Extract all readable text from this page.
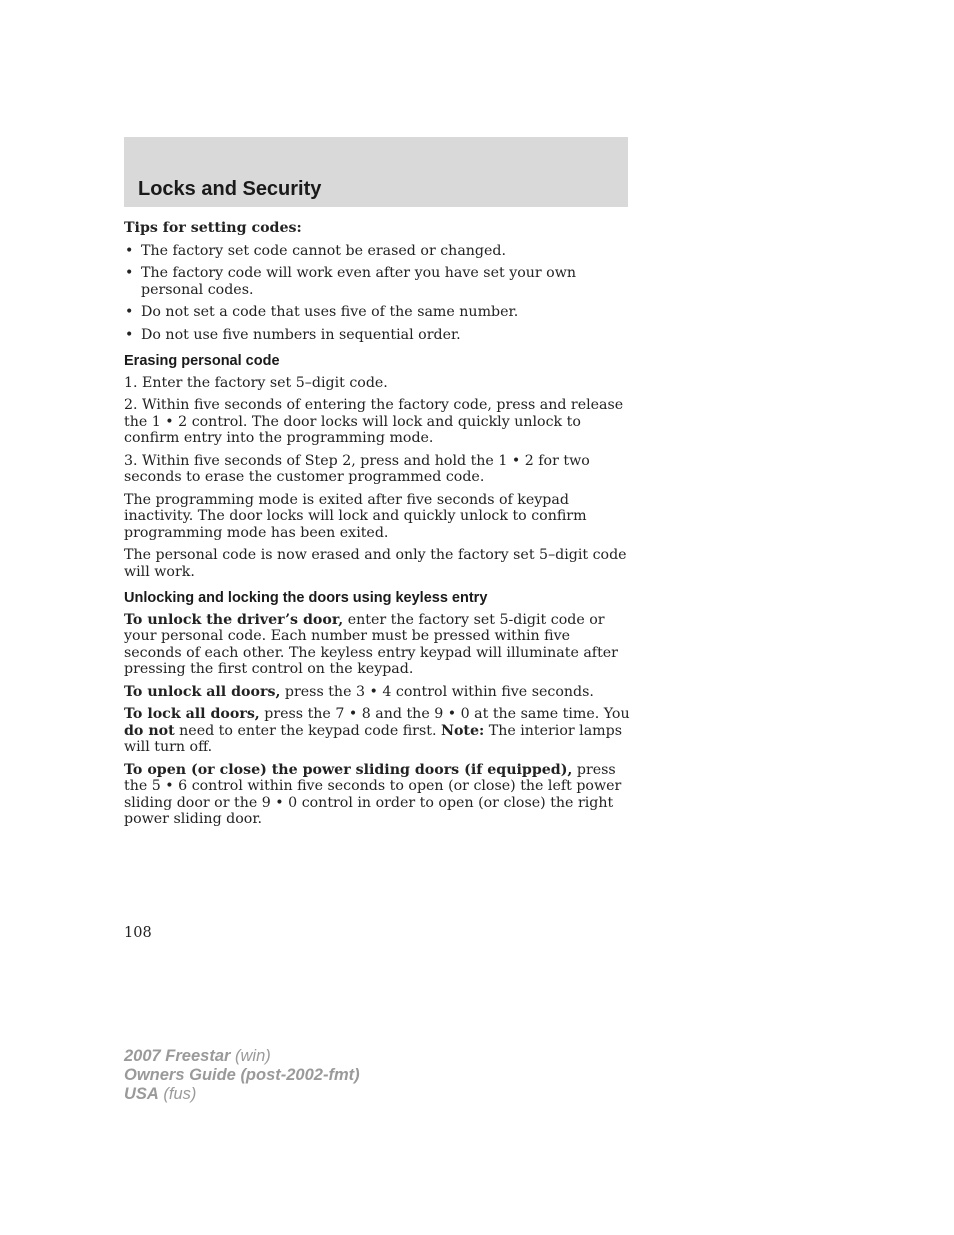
Locks and Security

Tips for setting codes:

• The factory set code cannot be erased or changed.
• The factory code will work even after you have set your own personal codes.
• Do not set a code that uses five of the same number.
• Do not use five numbers in sequential order.
Erasing personal code

1. Enter the factory set 5–digit code.

2. Within five seconds of entering the factory code, press and release the 1 • 2 control. The door locks will lock and quickly unlock to confirm entry into the programming mode.

3. Within five seconds of Step 2, press and hold the 1 • 2 for two seconds to erase the customer programmed code.

The programming mode is exited after five seconds of keypad inactivity. The door locks will lock and quickly unlock to confirm programming mode has been exited.

The personal code is now erased and only the factory set 5–digit code will work.

Unlocking and locking the doors using keyless entry

To unlock the driver’s door, enter the factory set 5-digit code or your personal code. Each number must be pressed within five seconds of each other. The keyless entry keypad will illuminate after pressing the first control on the keypad.

To unlock all doors, press the 3 • 4 control within five seconds.

To lock all doors, press the 7 • 8 and the 9 • 0 at the same time. You do not need to enter the keypad code first. Note: The interior lamps will turn off.

To open (or close) the power sliding doors (if equipped), press the 5 • 6 control within five seconds to open (or close) the left power sliding door or the 9 • 0 control in order to open (or close) the right power sliding door.

108
2007 Freestar (win)
Owners Guide (post-2002-fmt)
USA (fus)
